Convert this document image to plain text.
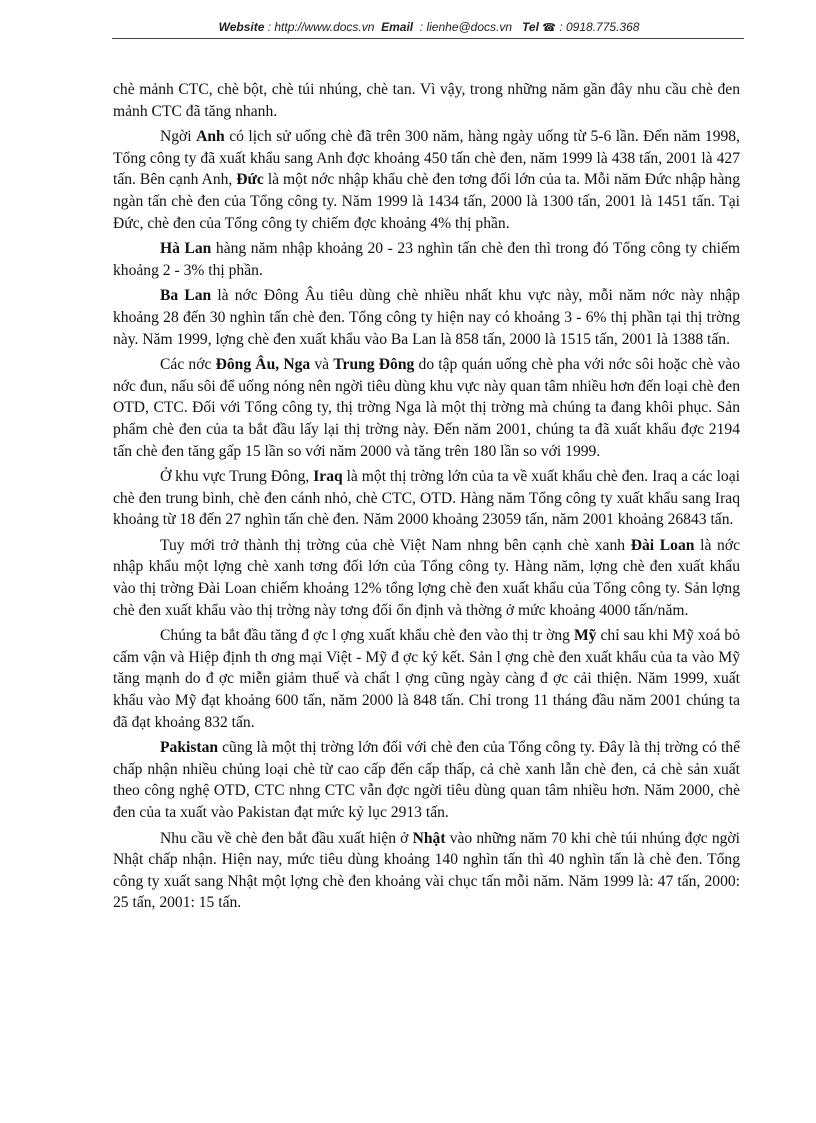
Website : http://www.docs.vn Email : lienhe@docs.vn Tel ☎ : 0918.775.368

chè mảnh CTC, chè bột, chè túi nhúng, chè tan. Vì vậy, trong những năm gần đây nhu cầu chè đen mảnh CTC đã tăng nhanh.

Ngời Anh có lịch sử uống chè đã trên 300 năm, hàng ngày uống từ 5-6 lần. Đến năm 1998, Tổng công ty đã xuất khẩu sang Anh đợc khoảng 450 tấn chè đen, năm 1999 là 438 tấn, 2001 là 427 tấn. Bên cạnh Anh, Đức là một nớc nhập khẩu chè đen tơng đối lớn của ta. Mỗi năm Đức nhập hàng ngàn tấn chè đen của Tổng công ty. Năm 1999 là 1434 tấn, 2000 là 1300 tấn, 2001 là 1451 tấn. Tại Đức, chè đen của Tổng công ty chiếm đợc khoảng 4% thị phần.

Hà Lan hàng năm nhập khoảng 20 - 23 nghìn tấn chè đen thì trong đó Tổng công ty chiếm khoảng 2 - 3% thị phần.

Ba Lan là nớc Đông Âu tiêu dùng chè nhiều nhất khu vực này, mỗi năm nớc này nhập khoảng 28 đến 30 nghìn tấn chè đen. Tổng công ty hiện nay có khoảng 3 - 6% thị phần tại thị trờng này. Năm 1999, lợng chè đen xuất khẩu vào Ba Lan là 858 tấn, 2000 là 1515 tấn, 2001 là 1388 tấn.

Các nớc Đông Âu, Nga và Trung Đông do tập quán uống chè pha với nớc sôi hoặc chè vào nớc đun, nấu sôi để uống nóng nên ngời tiêu dùng khu vực này quan tâm nhiều hơn đến loại chè đen OTD, CTC. Đối với Tổng công ty, thị trờng Nga là một thị trờng mà chúng ta đang khôi phục. Sản phẩm chè đen của ta bắt đầu lấy lại thị trờng này. Đến năm 2001, chúng ta đã xuất khẩu đợc 2194 tấn chè đen tăng gấp 15 lần so với năm 2000 và tăng trên 180 lần so với 1999.

Ở khu vực Trung Đông, Iraq là một thị trờng lớn của ta về xuất khẩu chè đen. Iraq a các loại chè đen trung bình, chè đen cánh nhỏ, chè CTC, OTD. Hàng năm Tổng công ty xuất khẩu sang Iraq khoảng từ 18 đến 27 nghìn tấn chè đen. Năm 2000 khoảng 23059 tấn, năm 2001 khoảng 26843 tấn.

Tuy mới trở thành thị trờng của chè Việt Nam nhng bên cạnh chè xanh Đài Loan là nớc nhập khẩu một lợng chè xanh tơng đối lớn của Tổng công ty. Hàng năm, lợng chè đen xuất khẩu vào thị trờng Đài Loan chiếm khoảng 12% tổng lợng chè đen xuất khẩu của Tổng công ty. Sản lợng chè đen xuất khẩu vào thị trờng này tơng đối ổn định và thờng ở mức khoảng 4000 tấn/năm.

Chúng ta bắt đầu tăng đ ợc l ợng xuất khẩu chè đen vào thị tr ờng Mỹ chỉ sau khi Mỹ xoá bỏ cấm vận và Hiệp định th ơng mại Việt - Mỹ đ ợc ký kết. Sản l ợng chè đen xuất khẩu của ta vào Mỹ tăng mạnh do đ ợc miễn giảm thuế và chất l ợng cũng ngày càng đ ợc cải thiện. Năm 1999, xuất khẩu vào Mỹ đạt khoảng 600 tấn, năm 2000 là 848 tấn. Chỉ trong 11 tháng đầu năm 2001 chúng ta đã đạt khoảng 832 tấn.

Pakistan cũng là một thị trờng lớn đối với chè đen của Tổng công ty. Đây là thị trờng có thể chấp nhận nhiều chủng loại chè từ cao cấp đến cấp thấp, cả chè xanh lẫn chè đen, cả chè sản xuất theo công nghệ OTD, CTC nhng CTC vẫn đợc ngời tiêu dùng quan tâm nhiều hơn. Năm 2000, chè đen của ta xuất vào Pakistan đạt mức kỷ lục 2913 tấn.

Nhu cầu về chè đen bắt đầu xuất hiện ở Nhật vào những năm 70 khi chè túi nhúng đợc ngời Nhật chấp nhận. Hiện nay, mức tiêu dùng khoảng 140 nghìn tấn thì 40 nghìn tấn là chè đen. Tổng công ty xuất sang Nhật một lợng chè đen khoảng vài chục tấn mỗi năm. Năm 1999 là: 47 tấn, 2000: 25 tấn, 2001: 15 tấn.
